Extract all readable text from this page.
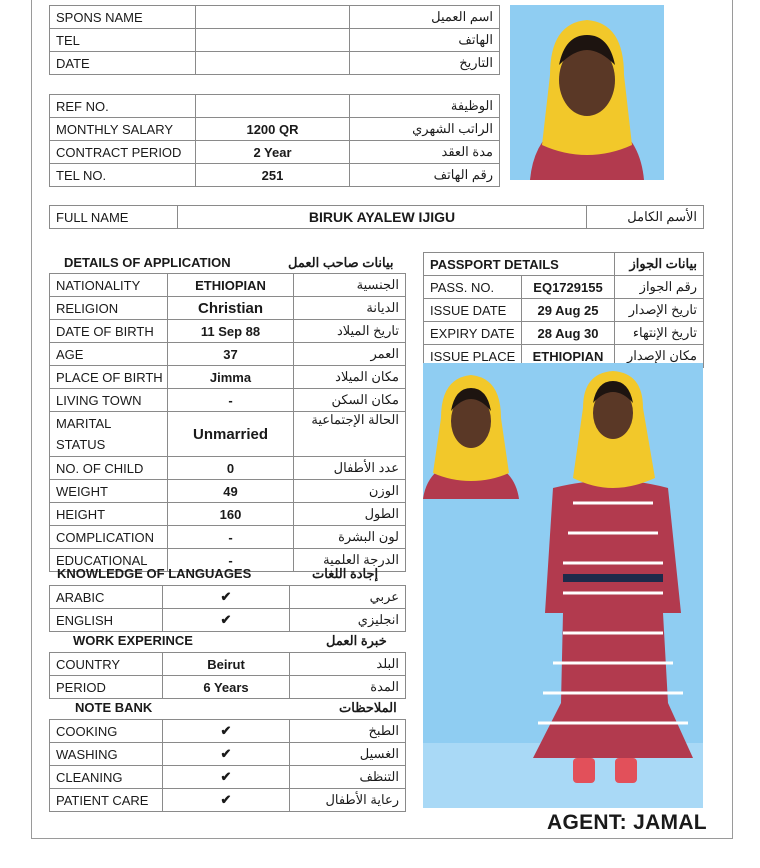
SPONS NAME		اسم العميل
TEL		الهاتف
DATE		التاريخ
REF NO.		الوظيفة
MONTHLY SALARY	1200 QR	الراتب الشهري
CONTRACT PERIOD	2 Year	مدة العقد
TEL NO.	251	رقم الهاتف
FULL NAME	BIRUK AYALEW IJIGU	الأسم الكامل
DETAILS OF APPLICATION	بيانات صاحب العمل
NATIONALITY	ETHIOPIAN	الجنسية
RELIGION	Christian	الديانة
DATE OF BIRTH	11 Sep 88	تاريخ الميلاد
AGE	37	العمر
PLACE OF BIRTH	Jimma	مكان الميلاد
LIVING TOWN	-	مكان السكن
MARITAL STATUS	Unmarried	الحالة الإجتماعية
NO. OF CHILD	0	عدد الأطفال
WEIGHT	49	الوزن
HEIGHT	160	الطول
COMPLICATION	-	لون البشرة
EDUCATIONAL	-	الدرجة العلمية
KNOWLEDGE OF LANGUAGES	إجادة اللغات
ARABIC	✔	عربي
ENGLISH	✔	انجليزي
WORK EXPERINCE	خبرة العمل
COUNTRY	Beirut	البلد
PERIOD	6 Years	المدة
NOTE BANK	الملاحظات
COOKING	✔	الطبخ
WASHING	✔	الغسيل
CLEANING	✔	التنظف
PATIENT CARE	✔	رعاية الأطفال
PASSPORT DETAILS		بيانات الجواز
PASS. NO.	EQ1729155	رقم الجواز
ISSUE DATE	29 Aug 25	تاريخ الإصدار
EXPIRY DATE	28 Aug 30	تاريخ الإنتهاء
ISSUE PLACE	ETHIOPIAN	مكان الإصدار
AGENT: JAMAL
